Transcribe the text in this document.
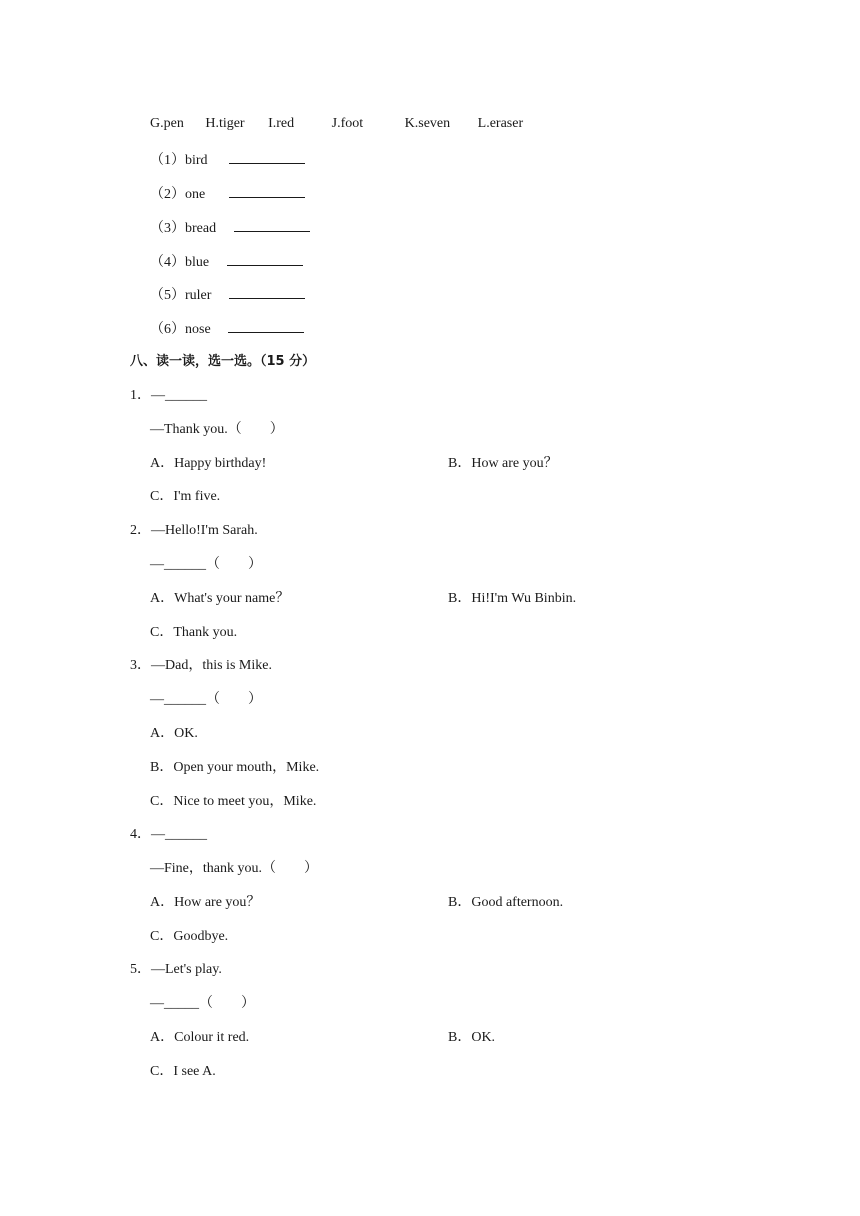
G.pen H.tiger I.red	J.foot	K.seven L.eraser
（1）bird
（2）one
（3）bread
（4）blue
（5）ruler
（6）nose
八、读一读，选一选。（15 分）
1．—______
—Thank you.（　　）
A．Happy birthday!	B．How are you？
C．I'm five.
2．—Hello!I'm Sarah.
—______（　　）
A．What's your name？	B．Hi!I'm Wu Binbin.
C．Thank you.
3．—Dad，this is Mike.
—______（　　）
A．OK.
B．Open your mouth，Mike.
C．Nice to meet you，Mike.
4．—______
—Fine，thank you.（　　）
A．How are you？	B．Good afternoon.
C．Goodbye.
5．—Let's play.
—_____（　　）
A．Colour it red.	B．OK.
C．I see A.
